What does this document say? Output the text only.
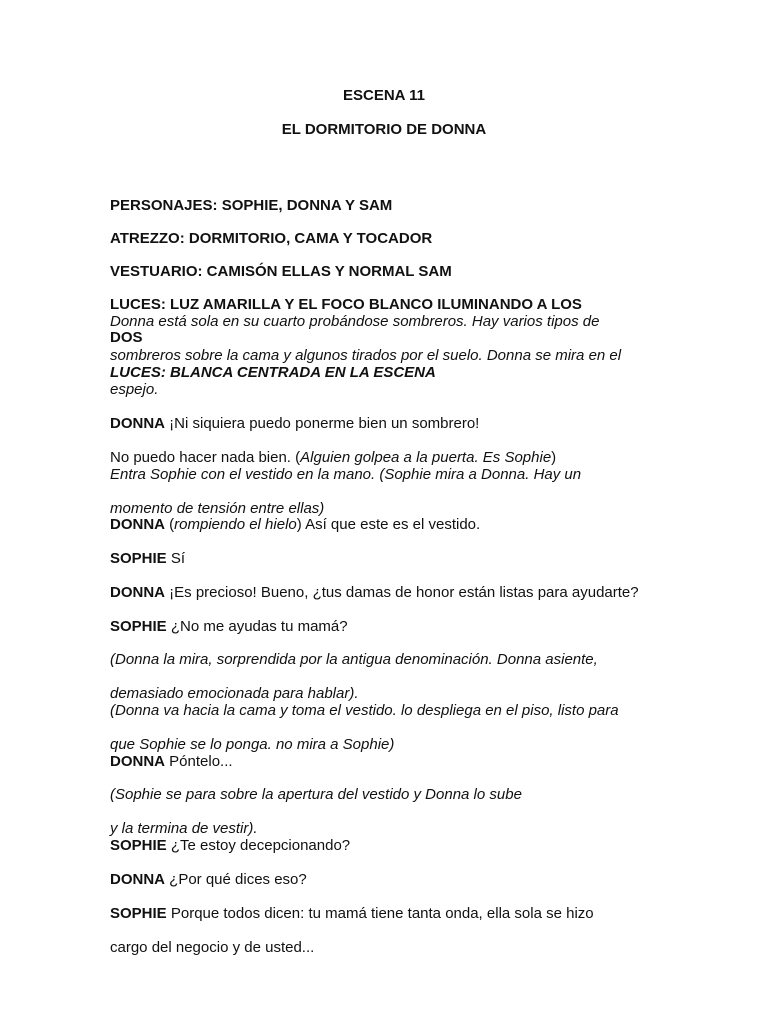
ESCENA 11
EL DORMITORIO DE DONNA

PERSONAJES: SOPHIE, DONNA Y SAM

ATREZZO: DORMITORIO, CAMA Y TOCADOR

VESTUARIO: CAMISÓN ELLAS Y NORMAL SAM

LUCES: LUZ AMARILLA Y EL FOCO BLANCO ILUMINANDO A LOS

DOS

Donna está sola en su cuarto probándose sombreros. Hay varios tipos de

sombreros sobre la cama y algunos tirados por el suelo. Donna se mira en el

espejo.

LUCES: BLANCA CENTRADA EN LA ESCENA

DONNA ¡Ni siquiera puedo ponerme bien un sombrero!

No puedo hacer nada bien. (Alguien golpea a la puerta. Es Sophie)

Entra Sophie con el vestido en la mano. (Sophie mira a Donna. Hay un

momento de tensión entre ellas)

DONNA (rompiendo el hielo) Así que este es el vestido.

SOPHIE Sí

DONNA ¡Es precioso! Bueno, ¿tus damas de honor están listas para ayudarte?

SOPHIE ¿No me ayudas tu mamá?

(Donna la mira, sorprendida por la antigua denominación. Donna asiente,

demasiado emocionada para hablar).

(Donna va hacia la cama y toma el vestido. lo despliega en el piso, listo para

que Sophie se lo ponga. no mira a Sophie)

DONNA Póntelo...

(Sophie se para sobre la apertura del vestido y Donna lo sube

y la termina de vestir).

SOPHIE ¿Te estoy decepcionando?

DONNA ¿Por qué dices eso?

SOPHIE Porque todos dicen: tu mamá tiene tanta onda, ella sola se hizo

cargo del negocio y de usted...
